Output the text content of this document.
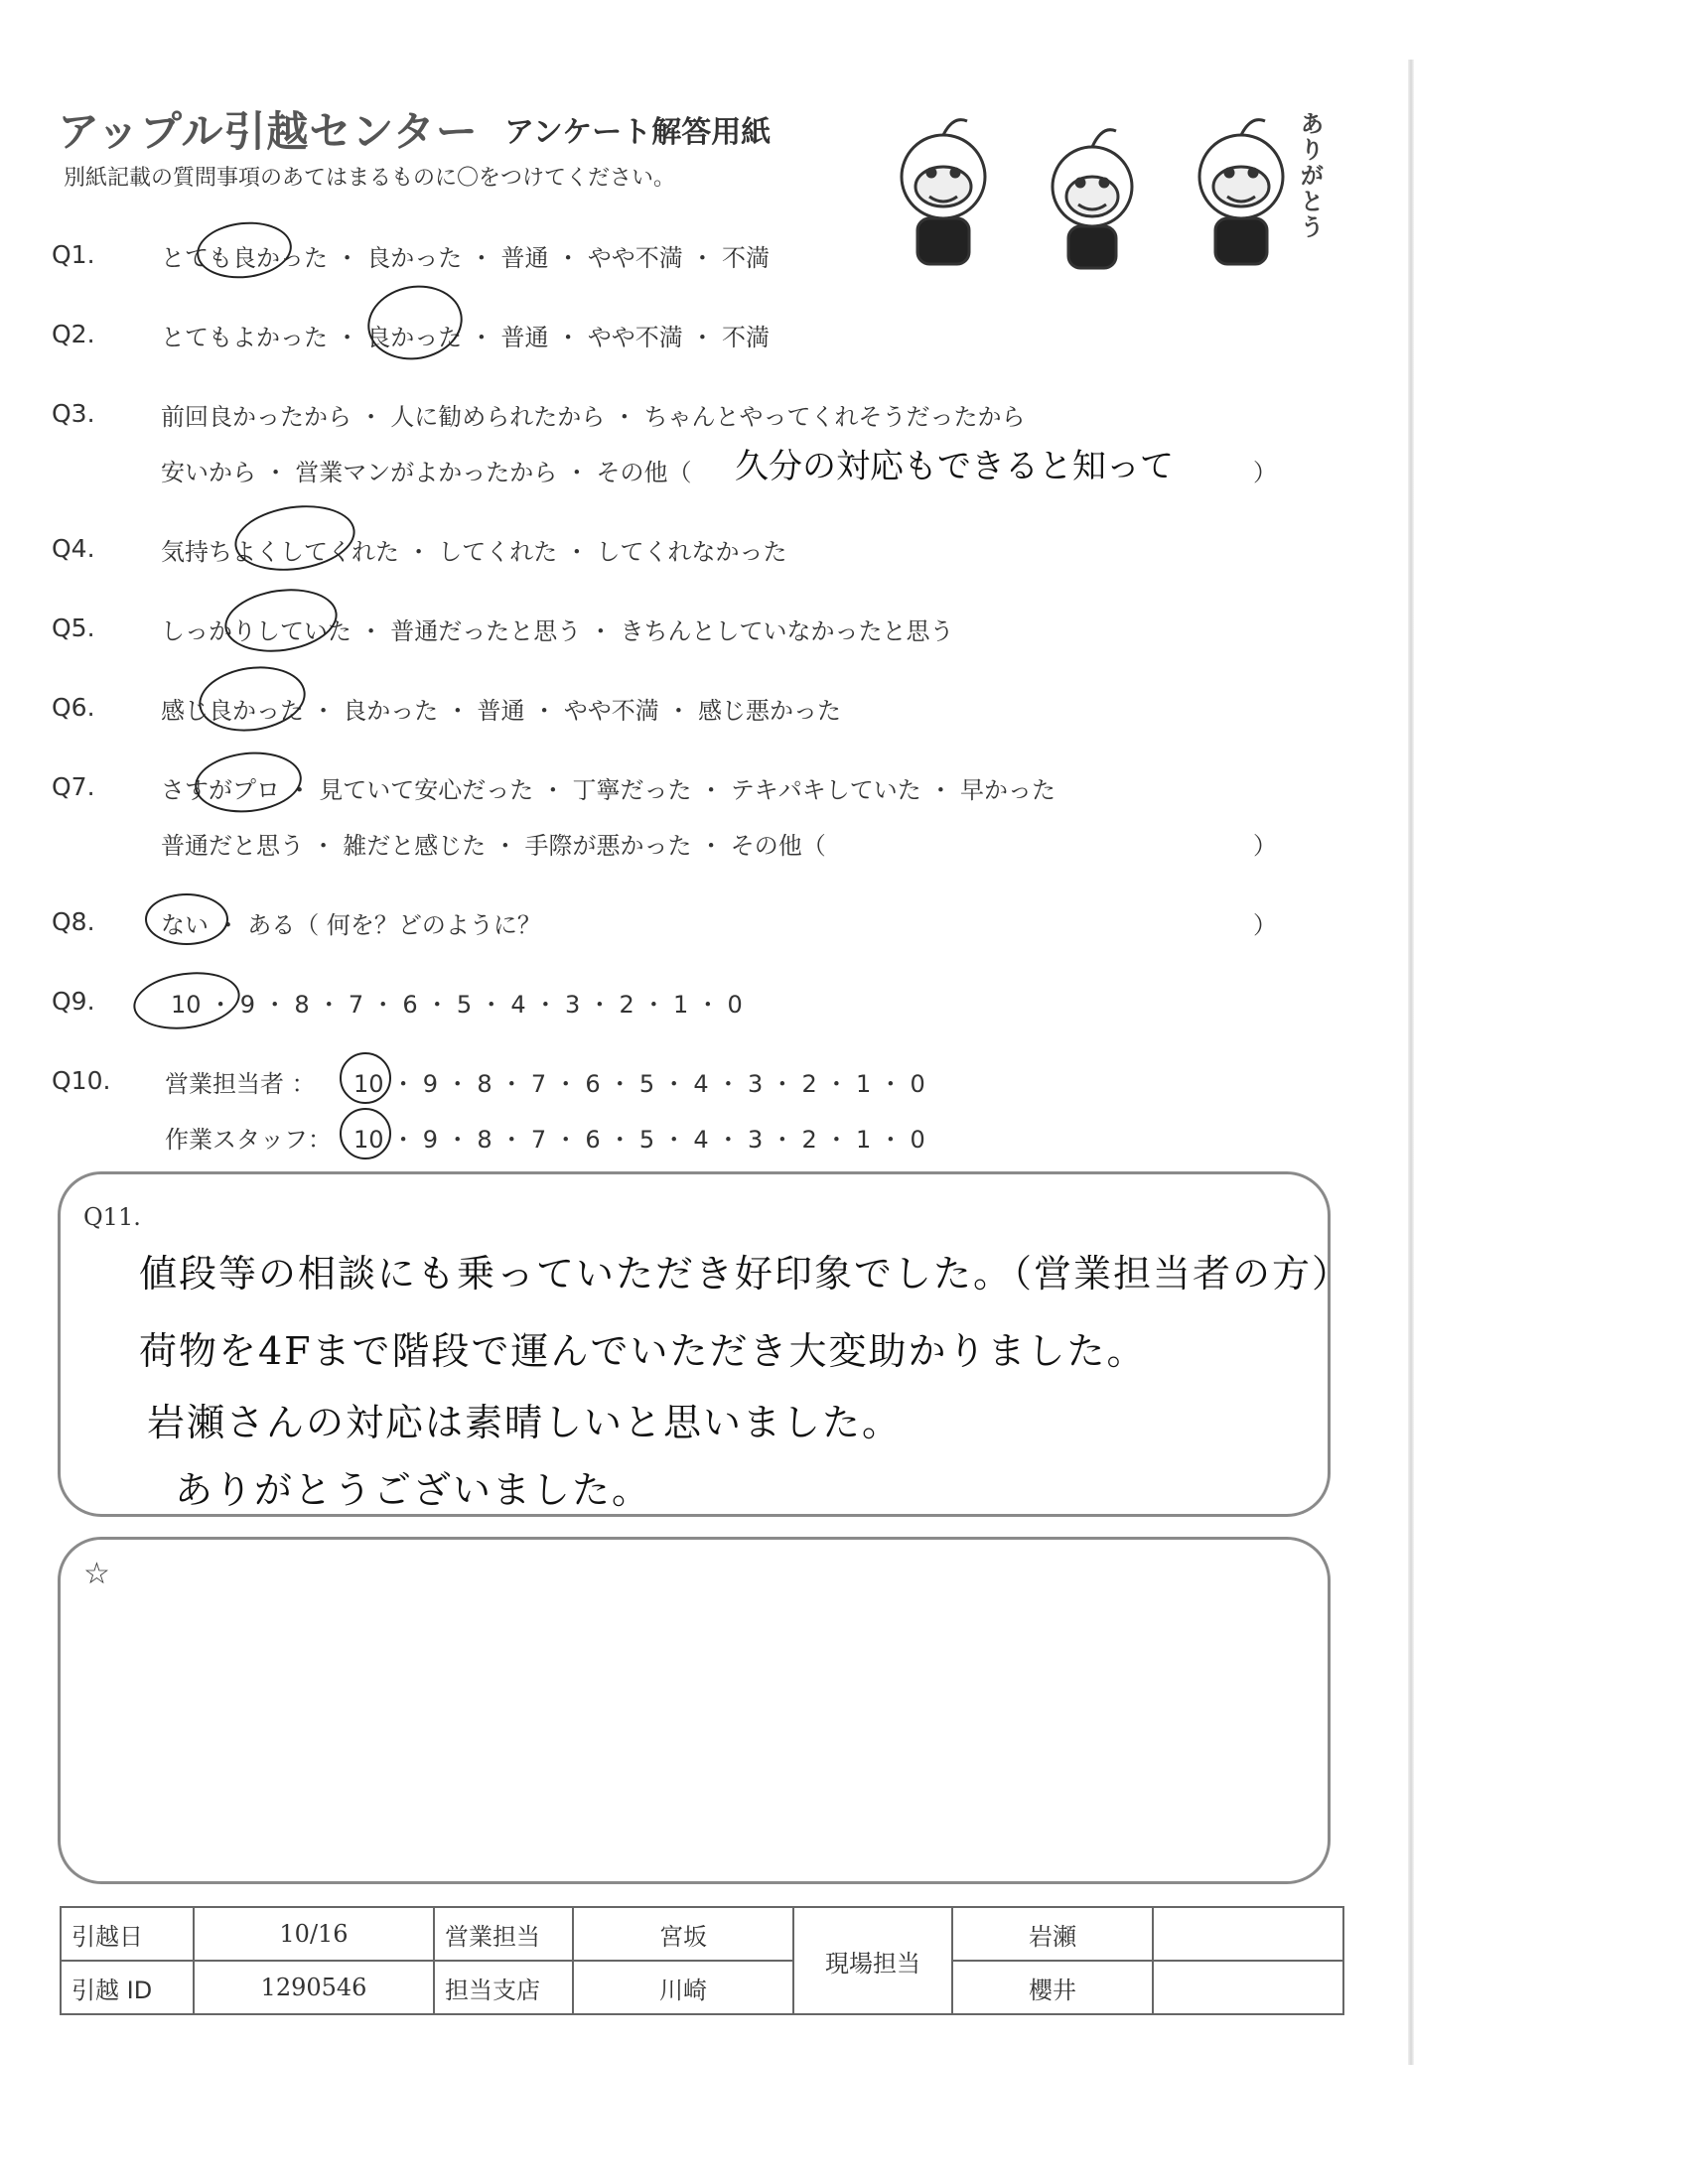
アップル引越センター アンケート解答用紙
別紙記載の質問事項のあてはまるものに〇をつけてください。	ありがとう
Q1.	とても良かった ・ 良かった ・ 普通 ・ やや不満 ・ 不満
Q2.	とてもよかった ・ 良かった ・ 普通 ・ やや不満 ・ 不満
Q3.	前回良かったから ・ 人に勧められたから ・ ちゃんとやってくれそうだったから
安いから ・ 営業マンがよかったから ・ その他（ 久分の対応もできると知って	）
Q4.	気持ちよくしてくれた ・ してくれた ・ してくれなかった
Q5.	しっかりしていた ・ 普通だったと思う ・ きちんとしていなかったと思う
Q6.	感じ良かった ・ 良かった ・ 普通 ・ やや不満 ・ 感じ悪かった
Q7.	さすがプロ ・ 見ていて安心だった ・ 丁寧だった ・ テキパキしていた ・ 早かった
普通だと思う ・ 雑だと感じた ・ 手際が悪かった ・ その他（	）
Q8.	ない ・ ある（ 何を？どのように？	）
Q9.	10 ・ 9 ・ 8 ・ 7 ・ 6 ・ 5 ・ 4 ・ 3 ・ 2 ・ 1 ・ 0
Q10. 営業担当者 ： 10 ・ 9 ・ 8 ・ 7 ・ 6 ・ 5 ・ 4 ・ 3 ・ 2 ・ 1 ・ 0
作業スタッフ： 10 ・ 9 ・ 8 ・ 7 ・ 6 ・ 5 ・ 4 ・ 3 ・ 2 ・ 1 ・ 0
Q11.
値段等の相談にも乗っていただき好印象でした。（営業担当者の方）
荷物を4Fまで階段で運んでいただき大変助かりました。
岩瀬さんの対応は素晴しいと思いました。
ありがとうございました。
☆
引越日	10/16	営業担当	宮坂	現場担当	岩瀬	
引越 ID	1290546	担当支店	川崎		櫻井	
